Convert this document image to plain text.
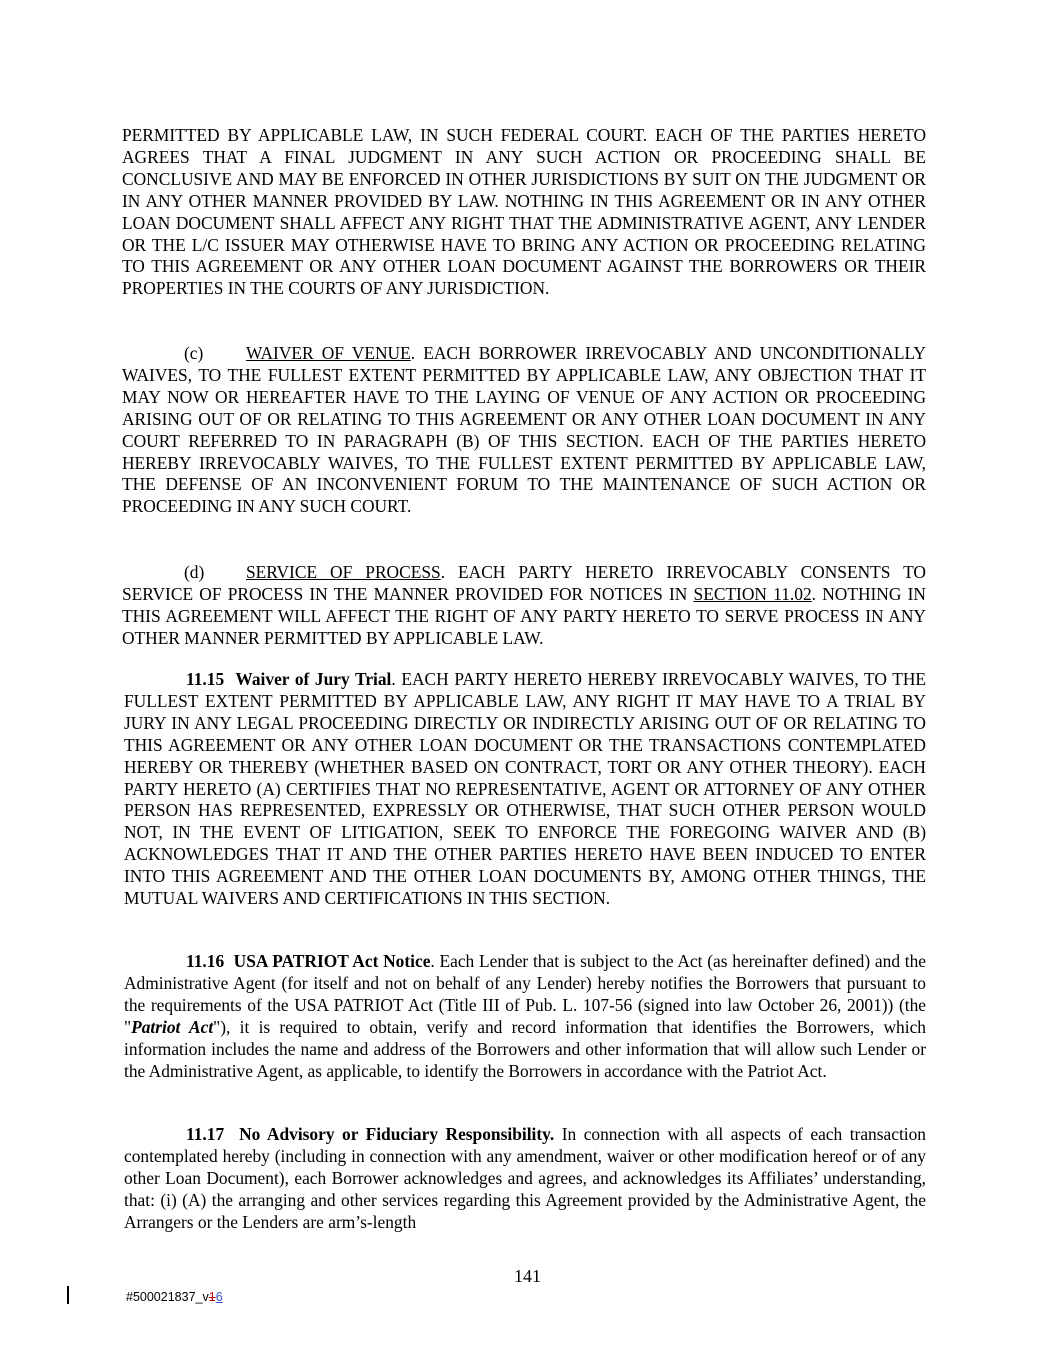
PERMITTED BY APPLICABLE LAW, IN SUCH FEDERAL COURT. EACH OF THE PARTIES HERETO AGREES THAT A FINAL JUDGMENT IN ANY SUCH ACTION OR PROCEEDING SHALL BE CONCLUSIVE AND MAY BE ENFORCED IN OTHER JURISDICTIONS BY SUIT ON THE JUDGMENT OR IN ANY OTHER MANNER PROVIDED BY LAW. NOTHING IN THIS AGREEMENT OR IN ANY OTHER LOAN DOCUMENT SHALL AFFECT ANY RIGHT THAT THE ADMINISTRATIVE AGENT, ANY LENDER OR THE L/C ISSUER MAY OTHERWISE HAVE TO BRING ANY ACTION OR PROCEEDING RELATING TO THIS AGREEMENT OR ANY OTHER LOAN DOCUMENT AGAINST THE BORROWERS OR THEIR PROPERTIES IN THE COURTS OF ANY JURISDICTION.

(c) WAIVER OF VENUE. EACH BORROWER IRREVOCABLY AND UNCONDITIONALLY WAIVES, TO THE FULLEST EXTENT PERMITTED BY APPLICABLE LAW, ANY OBJECTION THAT IT MAY NOW OR HEREAFTER HAVE TO THE LAYING OF VENUE OF ANY ACTION OR PROCEEDING ARISING OUT OF OR RELATING TO THIS AGREEMENT OR ANY OTHER LOAN DOCUMENT IN ANY COURT REFERRED TO IN PARAGRAPH (B) OF THIS SECTION. EACH OF THE PARTIES HERETO HEREBY IRREVOCABLY WAIVES, TO THE FULLEST EXTENT PERMITTED BY APPLICABLE LAW, THE DEFENSE OF AN INCONVENIENT FORUM TO THE MAINTENANCE OF SUCH ACTION OR PROCEEDING IN ANY SUCH COURT.

(d) SERVICE OF PROCESS. EACH PARTY HERETO IRREVOCABLY CONSENTS TO SERVICE OF PROCESS IN THE MANNER PROVIDED FOR NOTICES IN SECTION 11.02. NOTHING IN THIS AGREEMENT WILL AFFECT THE RIGHT OF ANY PARTY HERETO TO SERVE PROCESS IN ANY OTHER MANNER PERMITTED BY APPLICABLE LAW.

11.15 Waiver of Jury Trial. EACH PARTY HERETO HEREBY IRREVOCABLY WAIVES, TO THE FULLEST EXTENT PERMITTED BY APPLICABLE LAW, ANY RIGHT IT MAY HAVE TO A TRIAL BY JURY IN ANY LEGAL PROCEEDING DIRECTLY OR INDIRECTLY ARISING OUT OF OR RELATING TO THIS AGREEMENT OR ANY OTHER LOAN DOCUMENT OR THE TRANSACTIONS CONTEMPLATED HEREBY OR THEREBY (WHETHER BASED ON CONTRACT, TORT OR ANY OTHER THEORY). EACH PARTY HERETO (A) CERTIFIES THAT NO REPRESENTATIVE, AGENT OR ATTORNEY OF ANY OTHER PERSON HAS REPRESENTED, EXPRESSLY OR OTHERWISE, THAT SUCH OTHER PERSON WOULD NOT, IN THE EVENT OF LITIGATION, SEEK TO ENFORCE THE FOREGOING WAIVER AND (B) ACKNOWLEDGES THAT IT AND THE OTHER PARTIES HERETO HAVE BEEN INDUCED TO ENTER INTO THIS AGREEMENT AND THE OTHER LOAN DOCUMENTS BY, AMONG OTHER THINGS, THE MUTUAL WAIVERS AND CERTIFICATIONS IN THIS SECTION.

11.16 USA PATRIOT Act Notice. Each Lender that is subject to the Act (as hereinafter defined) and the Administrative Agent (for itself and not on behalf of any Lender) hereby notifies the Borrowers that pursuant to the requirements of the USA PATRIOT Act (Title III of Pub. L. 107-56 (signed into law October 26, 2001)) (the "Patriot Act"), it is required to obtain, verify and record information that identifies the Borrowers, which information includes the name and address of the Borrowers and other information that will allow such Lender or the Administrative Agent, as applicable, to identify the Borrowers in accordance with the Patriot Act.

11.17 No Advisory or Fiduciary Responsibility. In connection with all aspects of each transaction contemplated hereby (including in connection with any amendment, waiver or other modification hereof or of any other Loan Document), each Borrower acknowledges and agrees, and acknowledges its Affiliates’ understanding, that: (i) (A) the arranging and other services regarding this Agreement provided by the Administrative Agent, the Arrangers or the Lenders are arm’s-length

141
#500021837_v16
